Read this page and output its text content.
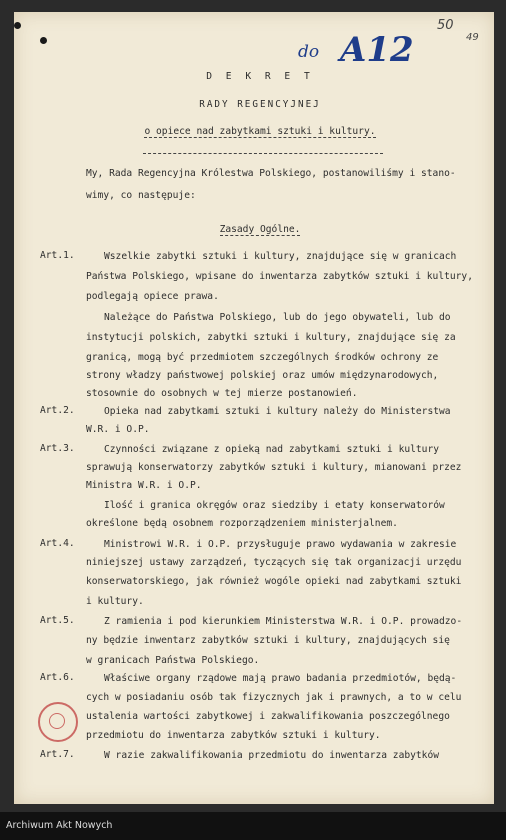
50
49
do A12
D E K R E T
RADY REGENCYJNEJ
o opiece nad zabytkami sztuki i kultury.
My, Rada Regencyjna Królestwa Polskiego, postanowiliśmy i stano-
wimy, co następuje:
Zasady Ogólne.
Art.1.	Wszelkie zabytki sztuki i kultury, znajdujące się w granicach
Państwa Polskiego, wpisane do inwentarza zabytków sztuki i kultury,
podlegają opiece prawa.
Należące do Państwa Polskiego, lub do jego obywateli, lub do
instytucji polskich, zabytki sztuki i kultury, znajdujące się za
granicą, mogą być przedmiotem szczególnych środków ochrony ze
strony władzy państwowej polskiej oraz umów międzynarodowych,
stosownie do osobnych w tej mierze postanowień.
Art.2.	Opieka nad zabytkami sztuki i kultury należy do Ministerstwa
W.R. i O.P.
Art.3.	Czynności związane z opieką nad zabytkami sztuki i kultury
sprawują konserwatorzy zabytków sztuki i kultury, mianowani przez
Ministra W.R. i O.P.
Ilość i granica okręgów oraz siedziby i etaty konserwatorów
określone będą osobnem rozporządzeniem ministerjalnem.
Art.4.	Ministrowi W.R. i O.P. przysługuje prawo wydawania w zakresie
niniejszej ustawy zarządzeń, tyczących się tak organizacji urzędu
konserwatorskiego, jak również wogóle opieki nad zabytkami sztuki
i kultury.
Art.5.	Z ramienia i pod kierunkiem Ministerstwa W.R. i O.P. prowadzo-
ny będzie inwentarz zabytków sztuki i kultury, znajdujących się
w granicach Państwa Polskiego.
Art.6.	Właściwe organy rządowe mają prawo badania przedmiotów, będą-
cych w posiadaniu osób tak fizycznych jak i prawnych, a to w celu
ustalenia wartości zabytkowej i zakwalifikowania poszczególnego
przedmiotu do inwentarza zabytków sztuki i kultury.
Art.7.	W razie zakwalifikowania przedmiotu do inwentarza zabytków
Archiwum Akt Nowych
